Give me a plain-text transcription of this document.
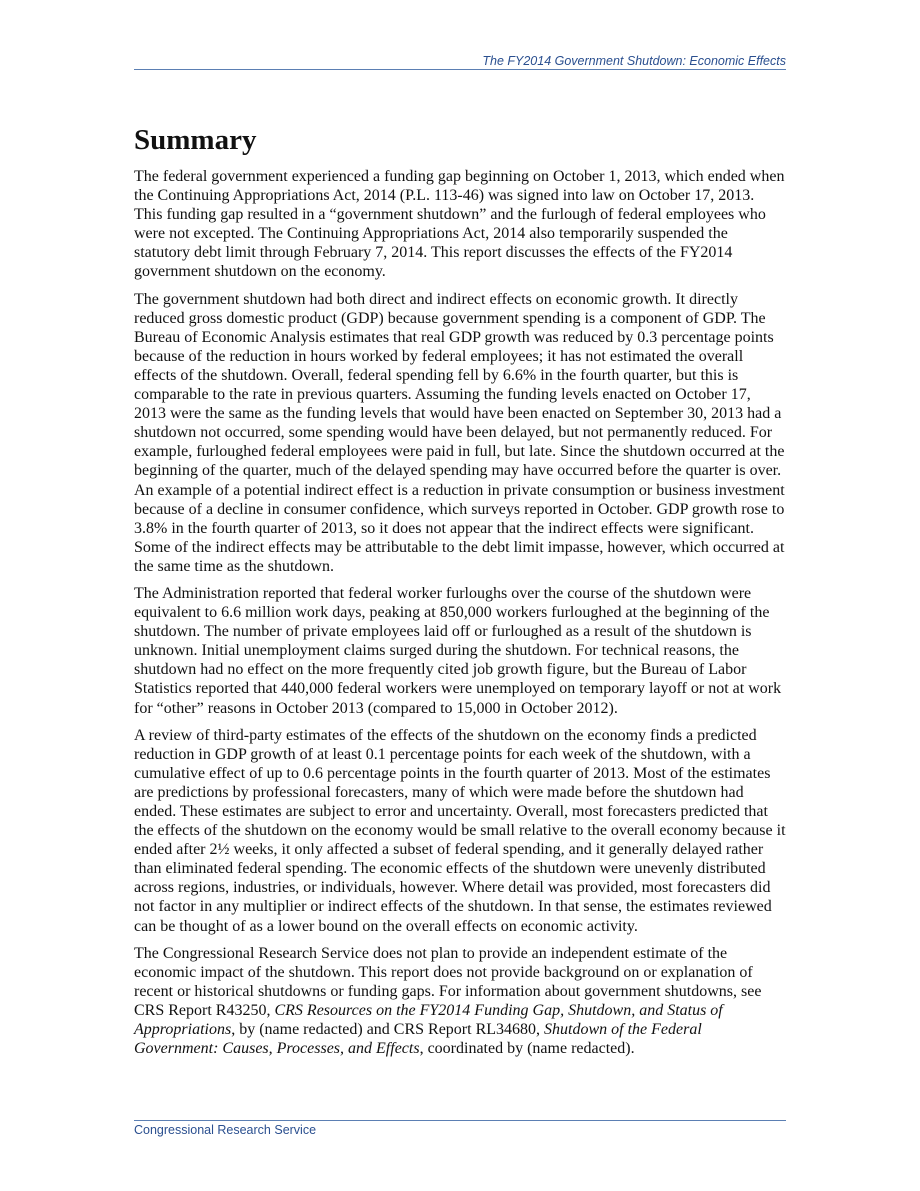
The FY2014 Government Shutdown: Economic Effects
Summary

The federal government experienced a funding gap beginning on October 1, 2013, which ended when the Continuing Appropriations Act, 2014 (P.L. 113-46) was signed into law on October 17, 2013. This funding gap resulted in a “government shutdown” and the furlough of federal employees who were not excepted. The Continuing Appropriations Act, 2014 also temporarily suspended the statutory debt limit through February 7, 2014. This report discusses the effects of the FY2014 government shutdown on the economy.

The government shutdown had both direct and indirect effects on economic growth. It directly reduced gross domestic product (GDP) because government spending is a component of GDP. The Bureau of Economic Analysis estimates that real GDP growth was reduced by 0.3 percentage points because of the reduction in hours worked by federal employees; it has not estimated the overall effects of the shutdown. Overall, federal spending fell by 6.6% in the fourth quarter, but this is comparable to the rate in previous quarters. Assuming the funding levels enacted on October 17, 2013 were the same as the funding levels that would have been enacted on September 30, 2013 had a shutdown not occurred, some spending would have been delayed, but not permanently reduced. For example, furloughed federal employees were paid in full, but late. Since the shutdown occurred at the beginning of the quarter, much of the delayed spending may have occurred before the quarter is over. An example of a potential indirect effect is a reduction in private consumption or business investment because of a decline in consumer confidence, which surveys reported in October. GDP growth rose to 3.8% in the fourth quarter of 2013, so it does not appear that the indirect effects were significant. Some of the indirect effects may be attributable to the debt limit impasse, however, which occurred at the same time as the shutdown.

The Administration reported that federal worker furloughs over the course of the shutdown were equivalent to 6.6 million work days, peaking at 850,000 workers furloughed at the beginning of the shutdown. The number of private employees laid off or furloughed as a result of the shutdown is unknown. Initial unemployment claims surged during the shutdown. For technical reasons, the shutdown had no effect on the more frequently cited job growth figure, but the Bureau of Labor Statistics reported that 440,000 federal workers were unemployed on temporary layoff or not at work for “other” reasons in October 2013 (compared to 15,000 in October 2012).

A review of third-party estimates of the effects of the shutdown on the economy finds a predicted reduction in GDP growth of at least 0.1 percentage points for each week of the shutdown, with a cumulative effect of up to 0.6 percentage points in the fourth quarter of 2013. Most of the estimates are predictions by professional forecasters, many of which were made before the shutdown had ended. These estimates are subject to error and uncertainty. Overall, most forecasters predicted that the effects of the shutdown on the economy would be small relative to the overall economy because it ended after 2½ weeks, it only affected a subset of federal spending, and it generally delayed rather than eliminated federal spending. The economic effects of the shutdown were unevenly distributed across regions, industries, or individuals, however. Where detail was provided, most forecasters did not factor in any multiplier or indirect effects of the shutdown. In that sense, the estimates reviewed can be thought of as a lower bound on the overall effects on economic activity.

The Congressional Research Service does not plan to provide an independent estimate of the economic impact of the shutdown. This report does not provide background on or explanation of recent or historical shutdowns or funding gaps. For information about government shutdowns, see CRS Report R43250, CRS Resources on the FY2014 Funding Gap, Shutdown, and Status of Appropriations, by (name redacted) and CRS Report RL34680, Shutdown of the Federal Government: Causes, Processes, and Effects, coordinated by (name redacted).

Congressional Research Service
